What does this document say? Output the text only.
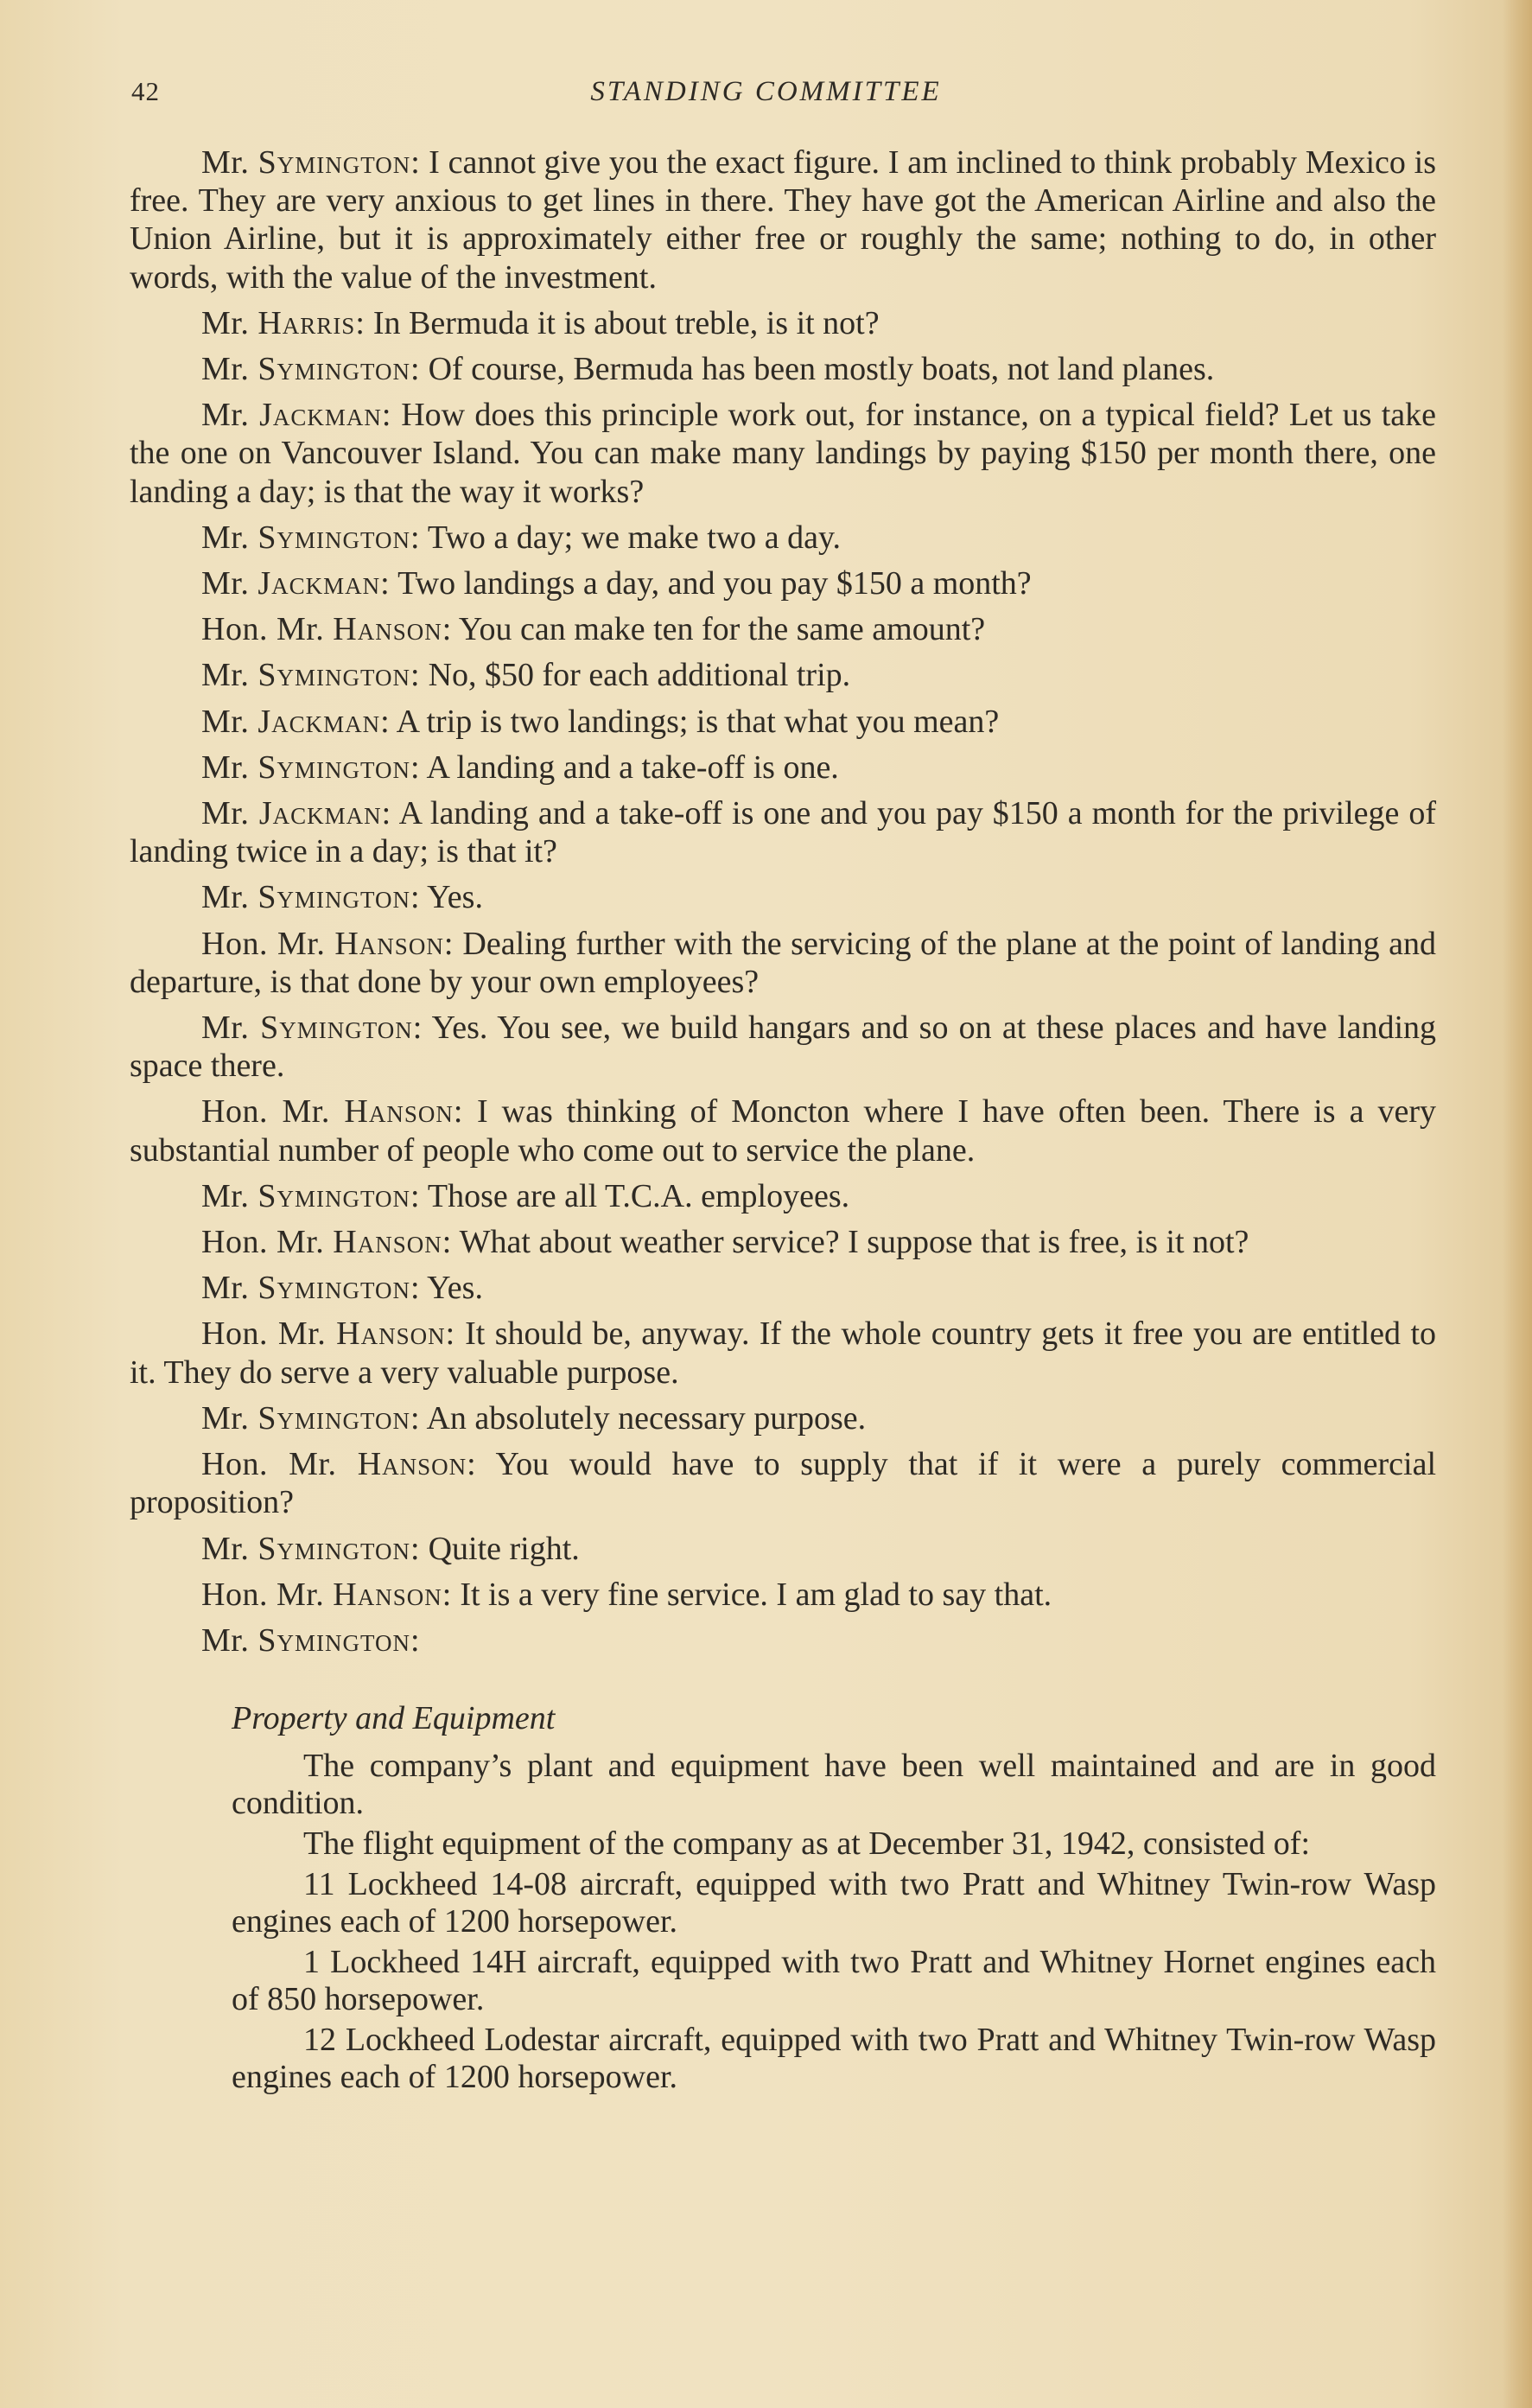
42	STANDING COMMITTEE

Mr. Symington: I cannot give you the exact figure. I am inclined to think probably Mexico is free. They are very anxious to get lines in there. They have got the American Airline and also the Union Airline, but it is approximately either free or roughly the same; nothing to do, in other words, with the value of the investment.

Mr. Harris: In Bermuda it is about treble, is it not?

Mr. Symington: Of course, Bermuda has been mostly boats, not land planes.

Mr. Jackman: How does this principle work out, for instance, on a typical field? Let us take the one on Vancouver Island. You can make many landings by paying $150 per month there, one landing a day; is that the way it works?

Mr. Symington: Two a day; we make two a day.

Mr. Jackman: Two landings a day, and you pay $150 a month?

Hon. Mr. Hanson: You can make ten for the same amount?

Mr. Symington: No, $50 for each additional trip.

Mr. Jackman: A trip is two landings; is that what you mean?

Mr. Symington: A landing and a take-off is one.

Mr. Jackman: A landing and a take-off is one and you pay $150 a month for the privilege of landing twice in a day; is that it?

Mr. Symington: Yes.

Hon. Mr. Hanson: Dealing further with the servicing of the plane at the point of landing and departure, is that done by your own employees?

Mr. Symington: Yes. You see, we build hangars and so on at these places and have landing space there.

Hon. Mr. Hanson: I was thinking of Moncton where I have often been. There is a very substantial number of people who come out to service the plane.

Mr. Symington: Those are all T.C.A. employees.

Hon. Mr. Hanson: What about weather service? I suppose that is free, is it not?

Mr. Symington: Yes.

Hon. Mr. Hanson: It should be, anyway. If the whole country gets it free you are entitled to it. They do serve a very valuable purpose.

Mr. Symington: An absolutely necessary purpose.

Hon. Mr. Hanson: You would have to supply that if it were a purely commercial proposition?

Mr. Symington: Quite right.

Hon. Mr. Hanson: It is a very fine service. I am glad to say that.

Mr. Symington:

Property and Equipment

The company’s plant and equipment have been well maintained and are in good condition.

The flight equipment of the company as at December 31, 1942, consisted of:

11 Lockheed 14-08 aircraft, equipped with two Pratt and Whitney Twin-row Wasp engines each of 1200 horsepower.

1 Lockheed 14H aircraft, equipped with two Pratt and Whitney Hornet engines each of 850 horsepower.

12 Lockheed Lodestar aircraft, equipped with two Pratt and Whitney Twin-row Wasp engines each of 1200 horsepower.
